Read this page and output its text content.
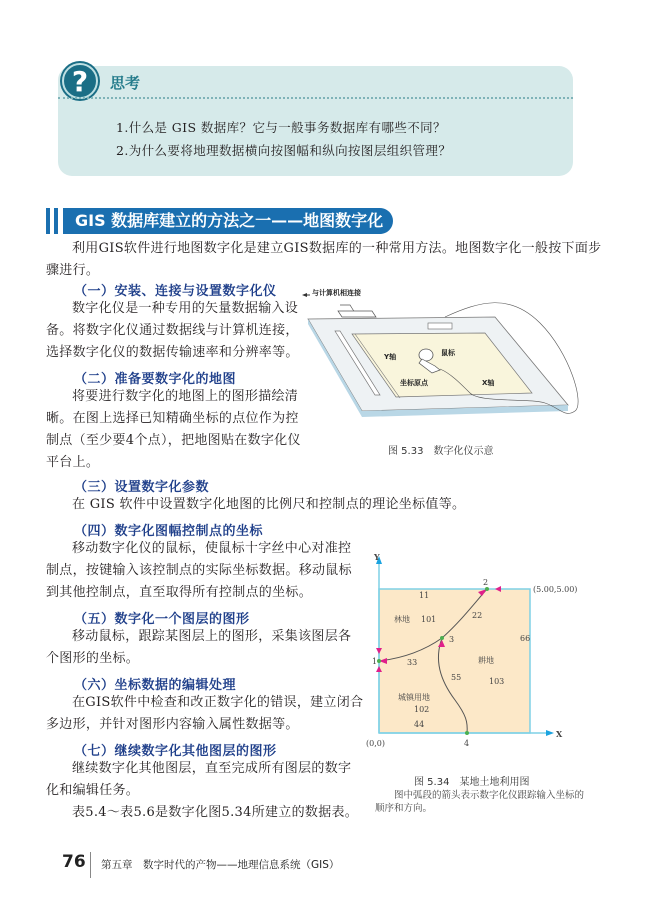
?	思考
1.什么是 GIS 数据库？它与一般事务数据库有哪些不同？
2.为什么要将地理数据横向按图幅和纵向按图层组织管理？
GIS 数据库建立的方法之一——地图数字化
利用GIS软件进行地图数字化是建立GIS数据库的一种常用方法。地图数字化一般按下面步骤进行。
（一）安装、连接与设置数字化仪
数字化仪是一种专用的矢量数据输入设备。将数字化仪通过数据线与计算机连接，选择数字化仪的数据传输速率和分辨率等。
（二）准备要数字化的地图
将要进行数字化的地图上的图形描绘清晰。在图上选择已知精确坐标的点位作为控制点（至少要4个点），把地图贴在数字化仪平台上。
与计算机相连接
Y轴	鼠标
坐标原点	X轴
图 5.33　数字化仪示意
（三）设置数字化参数
在 GIS 软件中设置数字化地图的比例尺和控制点的理论坐标值等。
（四）数字化图幅控制点的坐标
移动数字化仪的鼠标，使鼠标十字丝中心对准控制点，按键输入该控制点的实际坐标数据。移动鼠标到其他控制点，直至取得所有控制点的坐标。
（五）数字化一个图层的图形
移动鼠标，跟踪某图层上的图形，采集该图层各个图形的坐标。
（六）坐标数据的编辑处理
在GIS软件中检查和改正数字化的错误，建立闭合多边形，并针对图形内容输入属性数据等。
（七）继续数字化其他图层的图形
继续数字化其他图层，直至完成所有图层的数字化和编辑任务。
表5.4～表5.6是数字化图5.34所建立的数据表。
Y
X
(0,0)
(5.00,5.00)
1
2
3
4
11
22
33
44
55
66
林地 101
城镇用地
102
耕地
103
图 5.34　某地土地利用图
图中弧段的箭头表示数字化仪跟踪输入坐标的顺序和方向。
76 第五章　数字时代的产物——地理信息系统（GIS）
